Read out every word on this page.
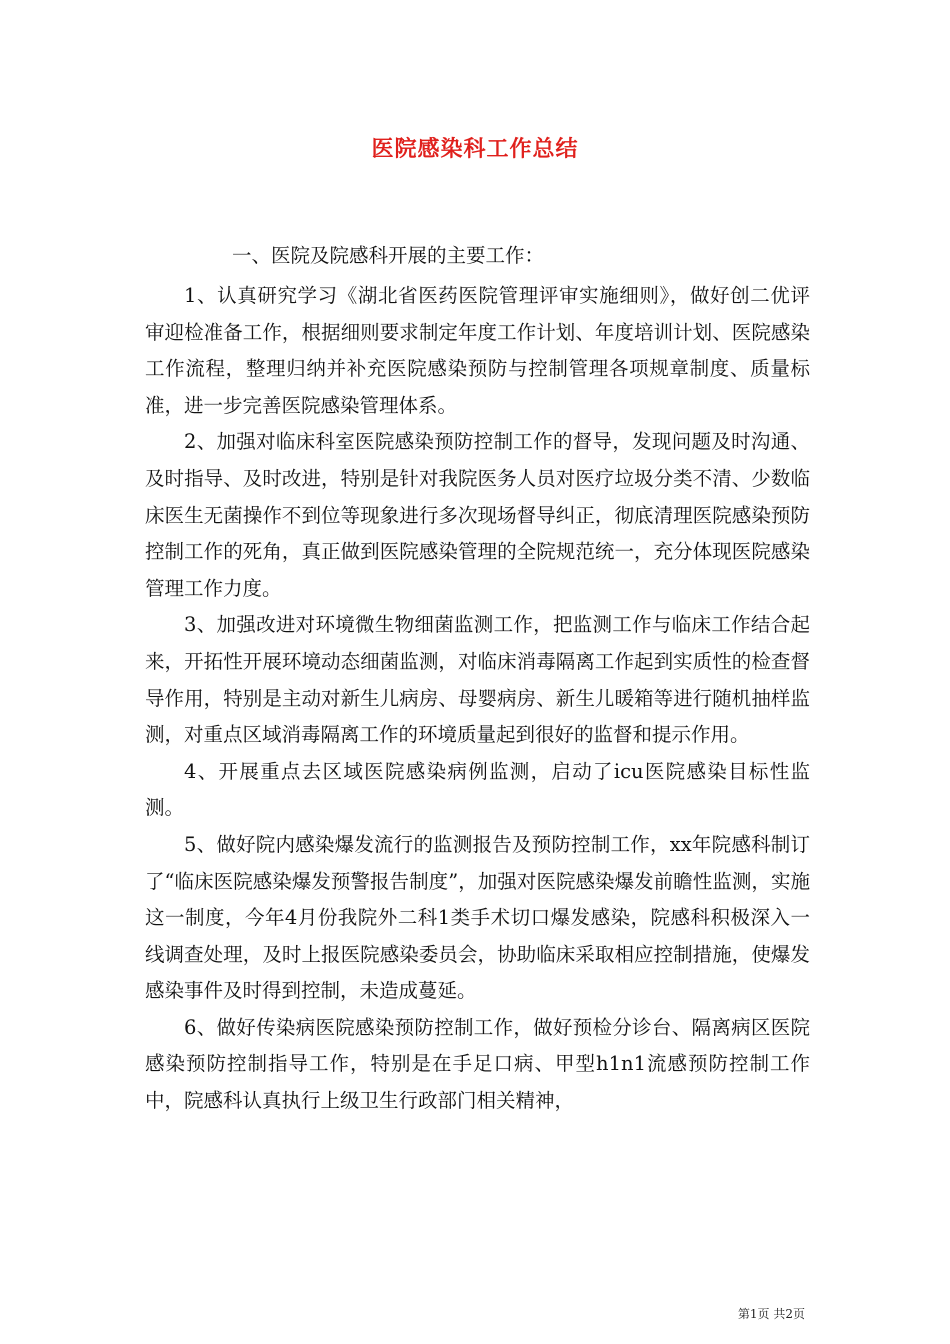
医院感染科工作总结
一、医院及院感科开展的主要工作：

1、认真研究学习《湖北省医药医院管理评审实施细则》，做好创二优评审迎检准备工作，根据细则要求制定年度工作计划、年度培训计划、医院感染工作流程，整理归纳并补充医院感染预防与控制管理各项规章制度、质量标准，进一步完善医院感染管理体系。

2、加强对临床科室医院感染预防控制工作的督导，发现问题及时沟通、及时指导、及时改进，特别是针对我院医务人员对医疗垃圾分类不清、少数临床医生无菌操作不到位等现象进行多次现场督导纠正，彻底清理医院感染预防控制工作的死角，真正做到医院感染管理的全院规范统一，充分体现医院感染管理工作力度。

3、加强改进对环境微生物细菌监测工作，把监测工作与临床工作结合起来，开拓性开展环境动态细菌监测，对临床消毒隔离工作起到实质性的检查督导作用，特别是主动对新生儿病房、母婴病房、新生儿暖箱等进行随机抽样监测，对重点区域消毒隔离工作的环境质量起到很好的监督和提示作用。

4、开展重点去区域医院感染病例监测，启动了icu医院感染目标性监测。

5、做好院内感染爆发流行的监测报告及预防控制工作，xx年院感科制订了“临床医院感染爆发预警报告制度”，加强对医院感染爆发前瞻性监测，实施这一制度，今年4月份我院外二科1类手术切口爆发感染，院感科积极深入一线调查处理，及时上报医院感染委员会，协助临床采取相应控制措施，使爆发感染事件及时得到控制，未造成蔓延。

6、做好传染病医院感染预防控制工作，做好预检分诊台、隔离病区医院感染预防控制指导工作，特别是在手足口病、甲型h1n1流感预防控制工作中，院感科认真执行上级卫生行政部门相关精神，

第1页 共2页
